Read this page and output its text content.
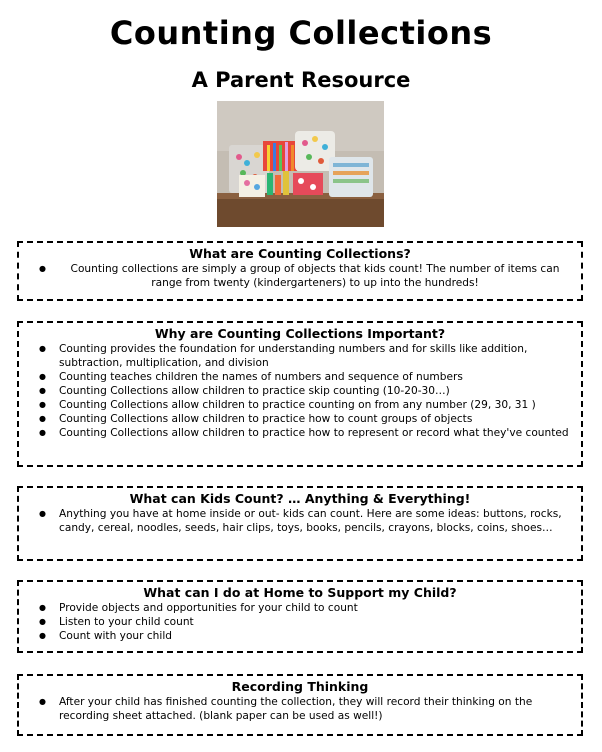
Counting Collections
A Parent Resource
What are Counting Collections?
● Counting collections are simply a group of objects that kids count! The number of items can range from twenty (kindergarteners) to up into the hundreds!
Why are Counting Collections Important?
● Counting provides the foundation for understanding numbers and for skills like addition, subtraction, multiplication, and division
● Counting teaches children the names of numbers and sequence of numbers
● Counting Collections allow children to practice skip counting (10-20-30…)
● Counting Collections allow children to practice counting on from any number (29, 30, 31 )
● Counting Collections allow children to practice how to count groups of objects
● Counting Collections allow children to practice how to represent or record what they've counted
What can Kids Count? … Anything & Everything!
● Anything you have at home inside or out- kids can count. Here are some ideas: buttons, rocks, candy, cereal, noodles, seeds, hair clips, toys, books, pencils, crayons, blocks, coins, shoes…
What can I do at Home to Support my Child?
● Provide objects and opportunities for your child to count
● Listen to your child count
● Count with your child
Recording Thinking
● After your child has finished counting the collection, they will record their thinking on the recording sheet attached. (blank paper can be used as well!)
